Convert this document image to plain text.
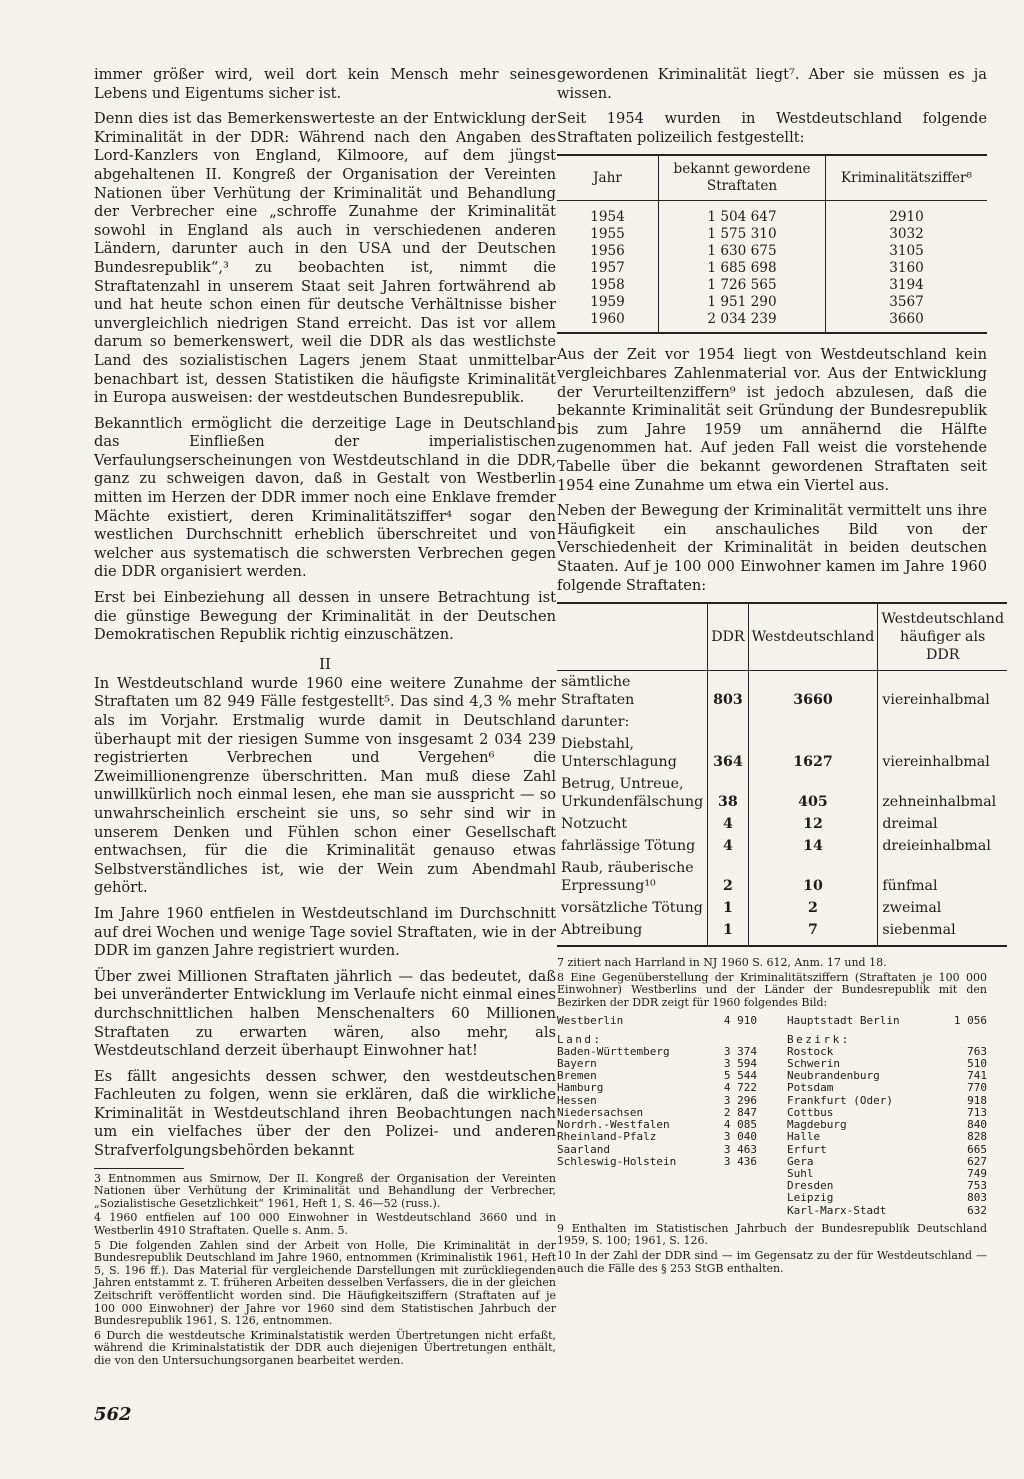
immer größer wird, weil dort kein Mensch mehr seines Lebens und Eigentums sicher ist.

Denn dies ist das Bemerkenswerteste an der Entwicklung der Kriminalität in der DDR: Während nach den Angaben des Lord-Kanzlers von England, Kilmoore, auf dem jüngst abgehaltenen II. Kongreß der Organisation der Vereinten Nationen über Verhütung der Kriminalität und Behandlung der Verbrecher eine „schroffe Zunahme der Kriminalität sowohl in England als auch in verschiedenen anderen Ländern, darunter auch in den USA und der Deutschen Bundesrepublik“,³ zu beobachten ist, nimmt die Straftatenzahl in unserem Staat seit Jahren fortwährend ab und hat heute schon einen für deutsche Verhältnisse bisher unvergleichlich niedrigen Stand erreicht. Das ist vor allem darum so bemerkenswert, weil die DDR als das westlichste Land des sozialistischen Lagers jenem Staat unmittelbar benachbart ist, dessen Statistiken die häufigste Kriminalität in Europa ausweisen: der westdeutschen Bundesrepublik.

Bekanntlich ermöglicht die derzeitige Lage in Deutschland das Einfließen der imperialistischen Verfaulungserscheinungen von Westdeutschland in die DDR, ganz zu schweigen davon, daß in Gestalt von Westberlin mitten im Herzen der DDR immer noch eine Enklave fremder Mächte existiert, deren Kriminalitätsziffer⁴ sogar den westlichen Durchschnitt erheblich überschreitet und von welcher aus systematisch die schwersten Verbrechen gegen die DDR organisiert werden.

Erst bei Einbeziehung all dessen in unsere Betrachtung ist die günstige Bewegung der Kriminalität in der Deutschen Demokratischen Republik richtig einzuschätzen.

II

In Westdeutschland wurde 1960 eine weitere Zunahme der Straftaten um 82 949 Fälle festgestellt⁵. Das sind 4,3 % mehr als im Vorjahr. Erstmalig wurde damit in Deutschland überhaupt mit der riesigen Summe von insgesamt 2 034 239 registrierten Verbrechen und Vergehen⁶ die Zweimillionengrenze überschritten. Man muß diese Zahl unwillkürlich noch einmal lesen, ehe man sie ausspricht — so unwahrscheinlich erscheint sie uns, so sehr sind wir in unserem Denken und Fühlen schon einer Gesellschaft entwachsen, für die die Kriminalität genauso etwas Selbstverständliches ist, wie der Wein zum Abendmahl gehört.

Im Jahre 1960 entfielen in Westdeutschland im Durchschnitt auf drei Wochen und wenige Tage soviel Straftaten, wie in der DDR im ganzen Jahre registriert wurden.

Über zwei Millionen Straftaten jährlich — das bedeutet, daß bei unveränderter Entwicklung im Verlaufe nicht einmal eines durchschnittlichen halben Menschenalters 60 Millionen Straftaten zu erwarten wären, also mehr, als Westdeutschland derzeit überhaupt Einwohner hat!

Es fällt angesichts dessen schwer, den westdeutschen Fachleuten zu folgen, wenn sie erklären, daß die wirkliche Kriminalität in Westdeutschland ihren Beobachtungen nach um ein vielfaches über der den Polizei- und anderen Strafverfolgungsbehörden bekannt

3 Entnommen aus Smirnow, Der II. Kongreß der Organisation der Vereinten Nationen über Verhütung der Kriminalität und Behandlung der Verbrecher, „Sozialistische Gesetzlichkeit“ 1961, Heft 1, S. 46—52 (russ.).

4 1960 entfielen auf 100 000 Einwohner in Westdeutschland 3660 und in Westberlin 4910 Straftaten. Quelle s. Anm. 5.

5 Die folgenden Zahlen sind der Arbeit von Holle, Die Kriminalität in der Bundesrepublik Deutschland im Jahre 1960, entnommen (Kriminalistik 1961, Heft 5, S. 196 ff.). Das Material für vergleichende Darstellungen mit zurückliegenden Jahren entstammt z. T. früheren Arbeiten desselben Verfassers, die in der gleichen Zeitschrift veröffentlicht worden sind. Die Häufigkeitsziffern (Straftaten auf je 100 000 Einwohner) der Jahre vor 1960 sind dem Statistischen Jahrbuch der Bundesrepublik 1961, S. 126, entnommen.

6 Durch die westdeutsche Kriminalstatistik werden Übertretungen nicht erfaßt, während die Kriminalstatistik der DDR auch diejenigen Übertretungen enthält, die von den Untersuchungsorganen bearbeitet werden.

gewordenen Kriminalität liegt⁷. Aber sie müssen es ja wissen.

Seit 1954 wurden in Westdeutschland folgende Straftaten polizeilich festgestellt:

Jahr	bekannt gewordene Straftaten	Kriminalitätsziffer⁸
1954	1 504 647	2910
1955	1 575 310	3032
1956	1 630 675	3105
1957	1 685 698	3160
1958	1 726 565	3194
1959	1 951 290	3567
1960	2 034 239	3660

Aus der Zeit vor 1954 liegt von Westdeutschland kein vergleichbares Zahlenmaterial vor. Aus der Entwicklung der Verurteiltenziffern⁹ ist jedoch abzulesen, daß die bekannte Kriminalität seit Gründung der Bundesrepublik bis zum Jahre 1959 um annähernd die Hälfte zugenommen hat. Auf jeden Fall weist die vorstehende Tabelle über die bekannt gewordenen Straftaten seit 1954 eine Zunahme um etwa ein Viertel aus.

Neben der Bewegung der Kriminalität vermittelt uns ihre Häufigkeit ein anschauliches Bild von der Verschiedenheit der Kriminalität in beiden deutschen Staaten. Auf je 100 000 Einwohner kamen im Jahre 1960 folgende Straftaten:

	DDR	Westdeutschland	Westdeutschland häufiger als DDR
sämtliche Straftaten	803	3660	viereinhalbmal
darunter:			
Diebstahl, Unterschlagung	364	1627	viereinhalbmal
Betrug, Untreue, Urkundenfälschung	38	405	zehneinhalbmal
Notzucht	4	12	dreimal
fahrlässige Tötung	4	14	dreieinhalbmal
Raub, räuberische Erpressung¹⁰	2	10	fünfmal
vorsätzliche Tötung	1	2	zweimal
Abtreibung	1	7	siebenmal

7 zitiert nach Harrland in NJ 1960 S. 612, Anm. 17 und 18.

8 Eine Gegenüberstellung der Kriminalitätsziffern (Straftaten je 100 000 Einwohner) Westberlins und der Länder der Bundesrepublik mit den Bezirken der DDR zeigt für 1960 folgendes Bild:

Westberlin	4 910
Land:
Baden-Württemberg	3 374
Bayern	3 594
Bremen	5 544
Hamburg	4 722
Hessen	3 296
Niedersachsen	2 847
Nordrh.-Westfalen	4 085
Rheinland-Pfalz	3 040
Saarland	3 463
Schleswig-Holstein	3 436
Hauptstadt Berlin	1 056
Bezirk:
Rostock	763
Schwerin	510
Neubrandenburg	741
Potsdam	770
Frankfurt (Oder)	918
Cottbus	713
Magdeburg	840
Halle	828
Erfurt	665
Gera	627
Suhl	749
Dresden	753
Leipzig	803
Karl-Marx-Stadt	632

9 Enthalten im Statistischen Jahrbuch der Bundesrepublik Deutschland 1959, S. 100; 1961, S. 126.

10 In der Zahl der DDR sind — im Gegensatz zu der für Westdeutschland — auch die Fälle des § 253 StGB enthalten.

562
